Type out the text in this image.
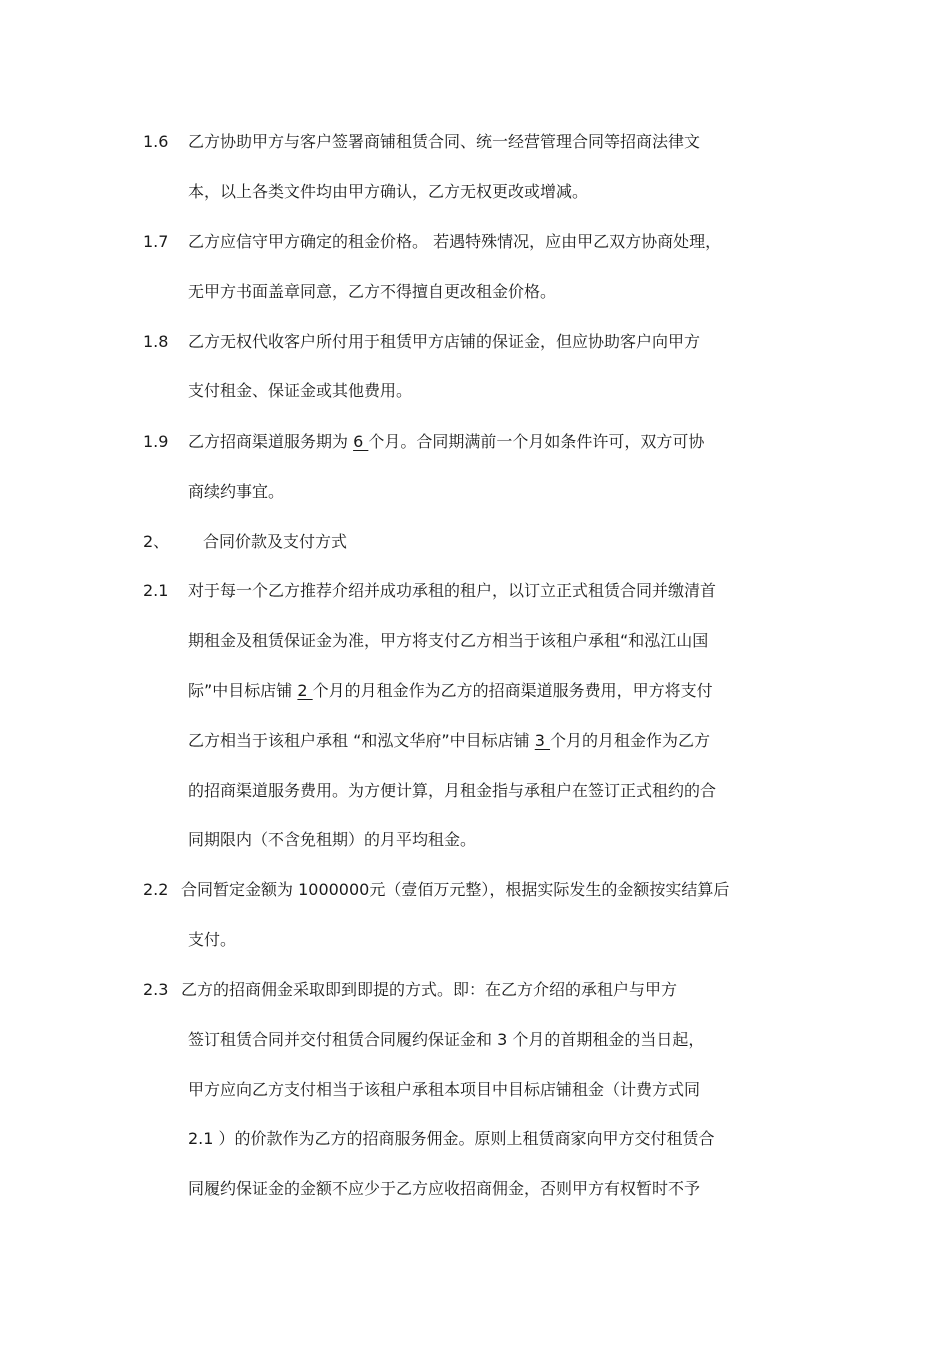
1.6 乙方协助甲方与客户签署商铺租赁合同、统一经营管理合同等招商法律文
本，以上各类文件均由甲方确认，乙方无权更改或增减。
1.7 乙方应信守甲方确定的租金价格。 若遇特殊情况，应由甲乙双方协商处理，
无甲方书面盖章同意，乙方不得擅自更改租金价格。
1.8 乙方无权代收客户所付用于租赁甲方店铺的保证金，但应协助客户向甲方
支付租金、保证金或其他费用。
1.9 乙方招商渠道服务期为 6 个月。合同期满前一个月如条件许可，双方可协
商续约事宜。
2、 合同价款及支付方式
2.1 对于每一个乙方推荐介绍并成功承租的租户，以订立正式租赁合同并缴清首
期租金及租赁保证金为准，甲方将支付乙方相当于该租户承租“和泓江山国
际”中目标店铺 2 个月的月租金作为乙方的招商渠道服务费用，甲方将支付
乙方相当于该租户承租 “和泓文华府”中目标店铺 3 个月的月租金作为乙方
的招商渠道服务费用。为方便计算，月租金指与承租户在签订正式租约的合
同期限内（不含免租期）的月平均租金。
2.2 合同暂定金额为 1000000元（壹佰万元整），根据实际发生的金额按实结算后
支付。
2.3 乙方的招商佣金采取即到即提的方式。即：在乙方介绍的承租户与甲方
签订租赁合同并交付租赁合同履约保证金和 3 个月的首期租金的当日起，
甲方应向乙方支付相当于该租户承租本项目中目标店铺租金（计费方式同
2.1 ）的价款作为乙方的招商服务佣金。原则上租赁商家向甲方交付租赁合
同履约保证金的金额不应少于乙方应收招商佣金，否则甲方有权暂时不予
